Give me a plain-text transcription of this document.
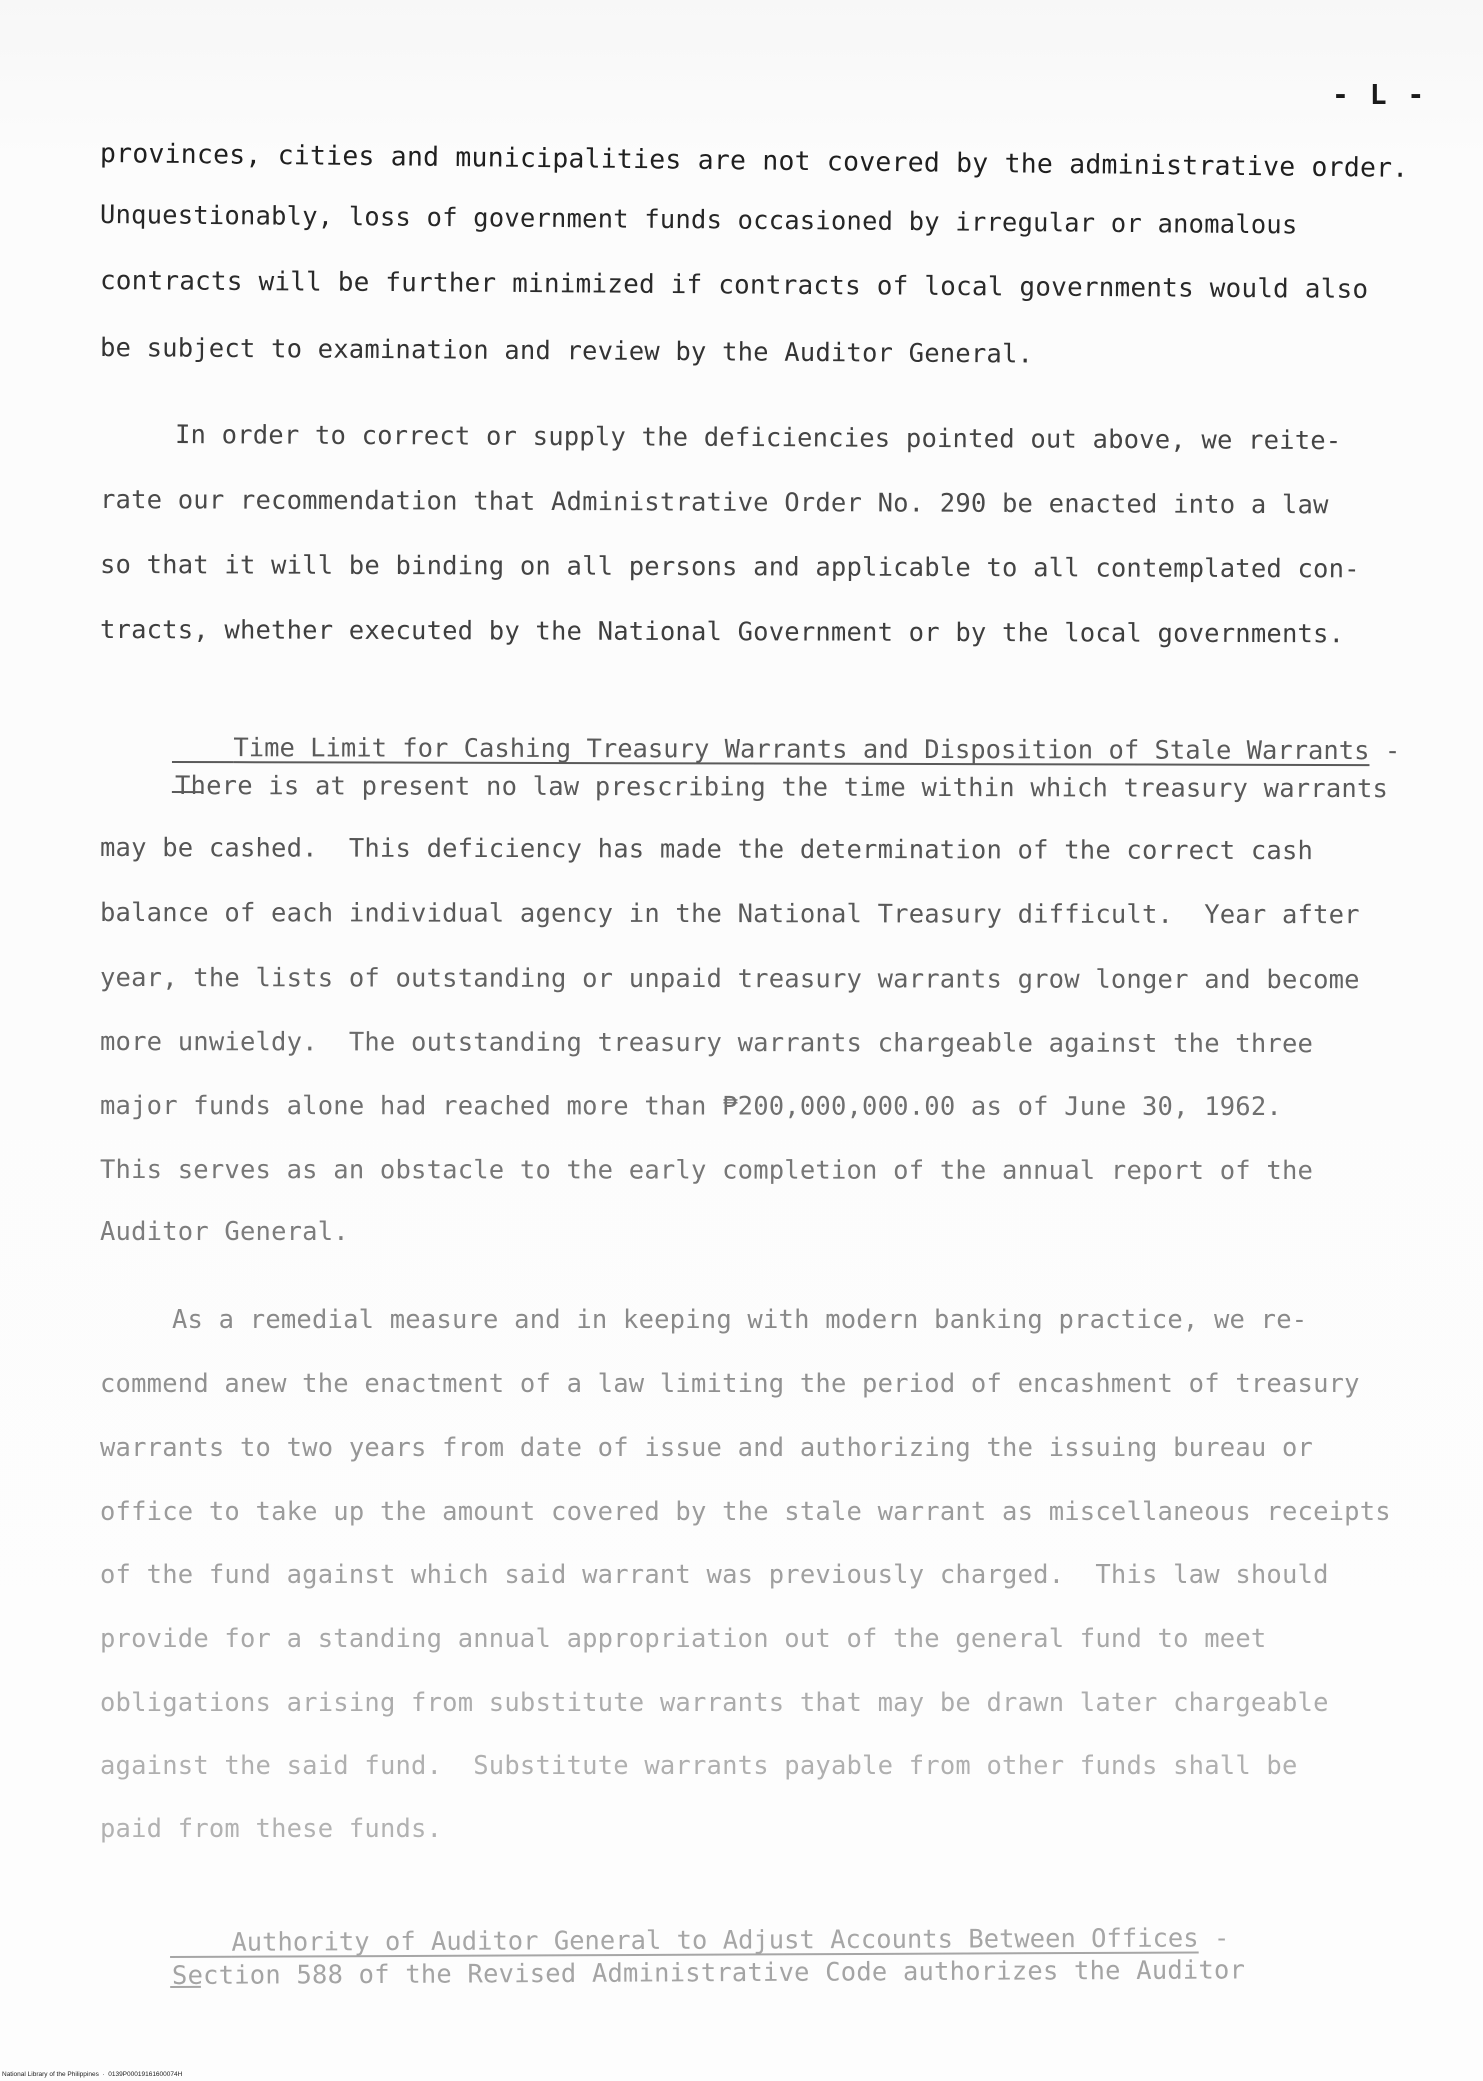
- L -
provinces, cities and municipalities are not covered by the administrative order.
Unquestionably, loss of government funds occasioned by irregular or anomalous
contracts will be further minimized if contracts of local governments would also
be subject to examination and review by the Auditor General.
In order to correct or supply the deficiencies pointed out above, we reite-
rate our recommendation that Administrative Order No. 290 be enacted into a law
so that it will be binding on all persons and applicable to all contemplated con-
tracts, whether executed by the National Government or by the local governments.

Time Limit for Cashing Treasury Warrants and Disposition of Stale Warrants -

There is at present no law prescribing the time within which treasury warrants
may be cashed.  This deficiency has made the determination of the correct cash
balance of each individual agency in the National Treasury difficult.  Year after
year, the lists of outstanding or unpaid treasury warrants grow longer and become
more unwieldy.  The outstanding treasury warrants chargeable against the three
major funds alone had reached more than ₱200,000,000.00 as of June 30, 1962.
This serves as an obstacle to the early completion of the annual report of the
Auditor General.
As a remedial measure and in keeping with modern banking practice, we re-
commend anew the enactment of a law limiting the period of encashment of treasury
warrants to two years from date of issue and authorizing the issuing bureau or
office to take up the amount covered by the stale warrant as miscellaneous receipts
of the fund against which said warrant was previously charged.  This law should
provide for a standing annual appropriation out of the general fund to meet
obligations arising from substitute warrants that may be drawn later chargeable
against the said fund.  Substitute warrants payable from other funds shall be
paid from these funds.

Authority of Auditor General to Adjust Accounts Between Offices -

Section 588 of the Revised Administrative Code authorizes the Auditor
National Library of the Philippines  ·  0139P00019161600074H
